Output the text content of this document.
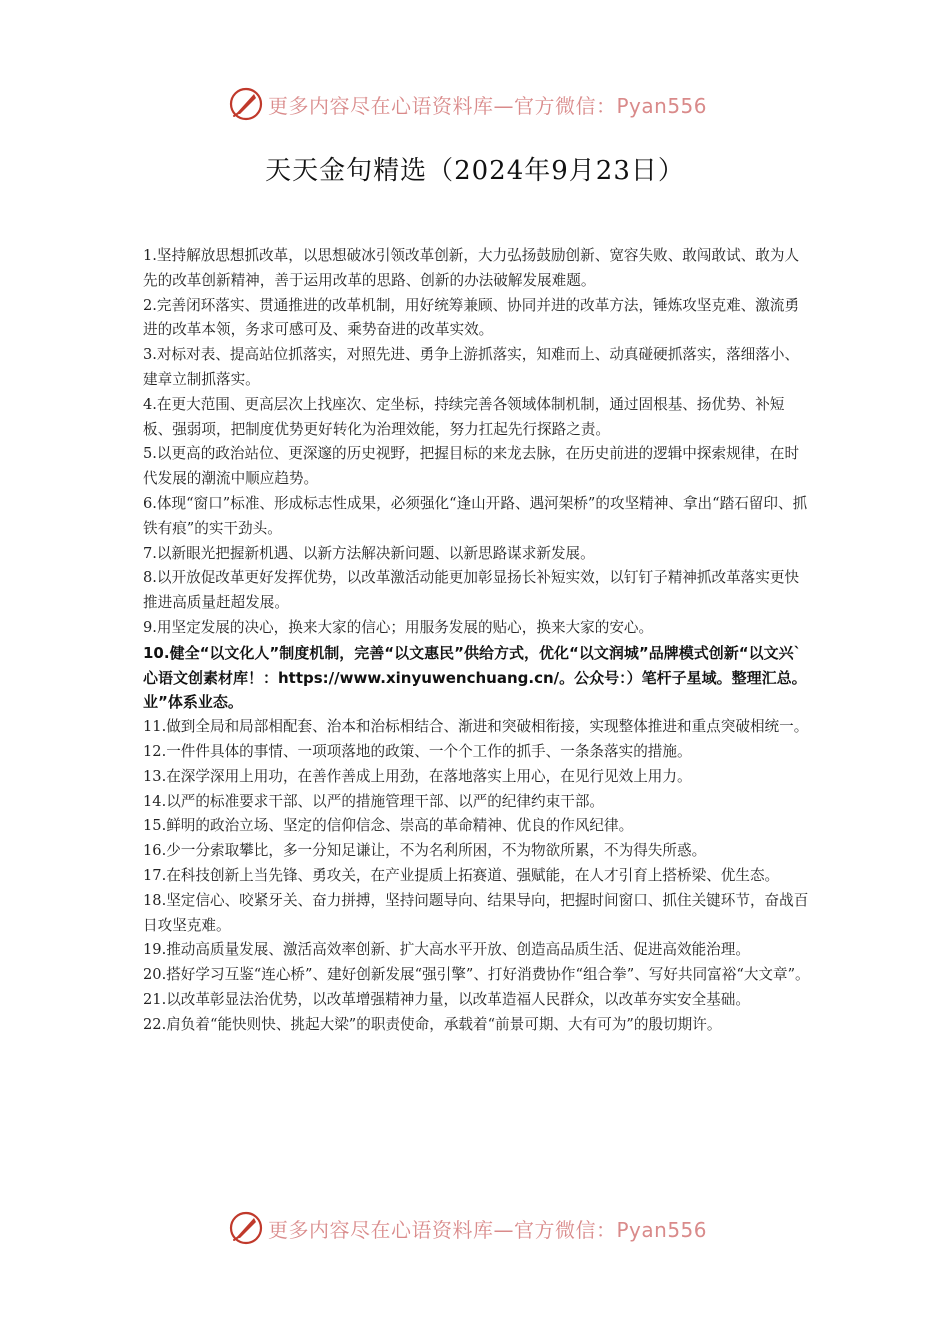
更多内容尽在心语资料库—官方微信：Pyan556
天天金句精选（2024年9月23日）

1.坚持解放思想抓改革，以思想破冰引领改革创新，大力弘扬鼓励创新、宽容失败、敢闯敢试、敢为人先的改革创新精神，善于运用改革的思路、创新的办法破解发展难题。

2.完善闭环落实、贯通推进的改革机制，用好统筹兼顾、协同并进的改革方法，锤炼攻坚克难、激流勇进的改革本领，务求可感可及、乘势奋进的改革实效。

3.对标对表、提高站位抓落实，对照先进、勇争上游抓落实，知难而上、动真碰硬抓落实，落细落小、建章立制抓落实。

4.在更大范围、更高层次上找座次、定坐标，持续完善各领域体制机制，通过固根基、扬优势、补短板、强弱项，把制度优势更好转化为治理效能，努力扛起先行探路之责。

5.以更高的政治站位、更深邃的历史视野，把握目标的来龙去脉，在历史前进的逻辑中探索规律，在时代发展的潮流中顺应趋势。

6.体现“窗口”标准、形成标志性成果，必须强化“逢山开路、遇河架桥”的攻坚精神、拿出“踏石留印、抓铁有痕”的实干劲头。

7.以新眼光把握新机遇、以新方法解决新问题、以新思路谋求新发展。

8.以开放促改革更好发挥优势，以改革激活动能更加彰显扬长补短实效，以钉钉子精神抓改革落实更快推进高质量赶超发展。

9.用坚定发展的决心，换来大家的信心；用服务发展的贴心，换来大家的安心。

10.健全“以文化人”制度机制，完善“以文惠民”供给方式，优化“以文润城”品牌模式创新“以文兴`心语文创素材库！：https://www.xinyuwenchuang.cn/。公众号：）笔杆子星域。整理汇总。业”体系业态。

11.做到全局和局部相配套、治本和治标相结合、渐进和突破相衔接，实现整体推进和重点突破相统一。

12.一件件具体的事情、一项项落地的政策、一个个工作的抓手、一条条落实的措施。

13.在深学深用上用功，在善作善成上用劲，在落地落实上用心，在见行见效上用力。

14.以严的标准要求干部、以严的措施管理干部、以严的纪律约束干部。

15.鲜明的政治立场、坚定的信仰信念、崇高的革命精神、优良的作风纪律。

16.少一分索取攀比，多一分知足谦让，不为名利所困，不为物欲所累，不为得失所惑。

17.在科技创新上当先锋、勇攻关，在产业提质上拓赛道、强赋能，在人才引育上搭桥梁、优生态。

18.坚定信心、咬紧牙关、奋力拼搏，坚持问题导向、结果导向，把握时间窗口、抓住关键环节，奋战百日攻坚克难。

19.推动高质量发展、激活高效率创新、扩大高水平开放、创造高品质生活、促进高效能治理。

20.搭好学习互鉴“连心桥”、建好创新发展“强引擎”、打好消费协作“组合拳”、写好共同富裕“大文章”。

21.以改革彰显法治优势，以改革增强精神力量，以改革造福人民群众，以改革夯实安全基础。

22.肩负着“能快则快、挑起大梁”的职责使命，承载着“前景可期、大有可为”的殷切期许。

更多内容尽在心语资料库—官方微信：Pyan556
